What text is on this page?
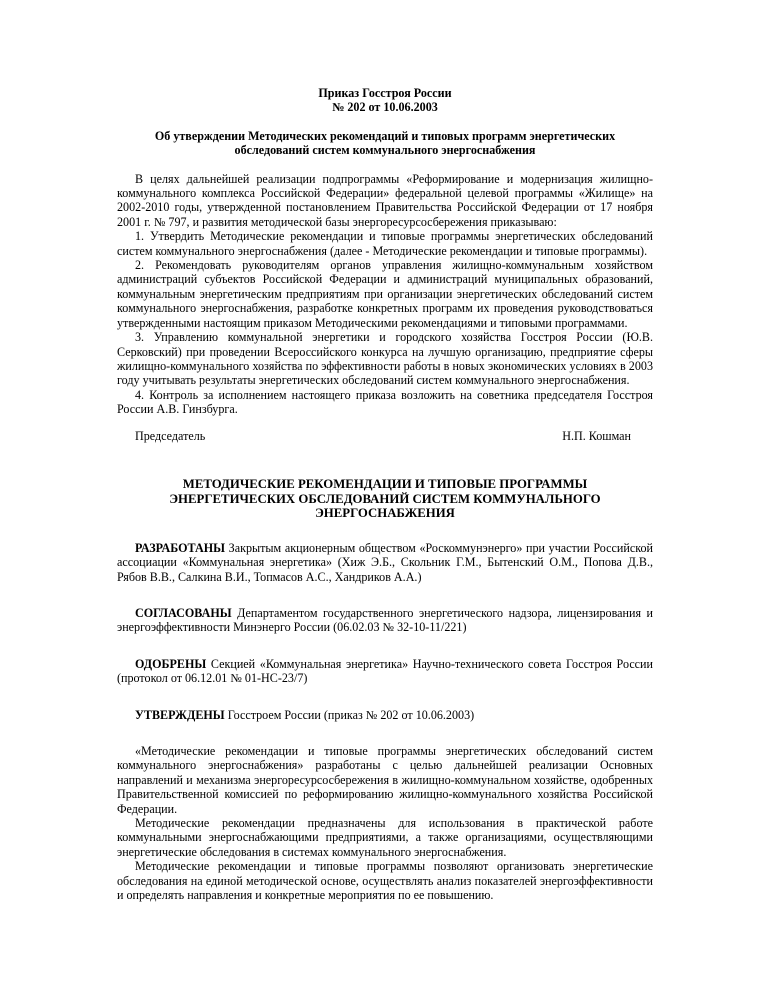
Приказ Госстроя России
№ 202 от 10.06.2003
Об утверждении Методических рекомендаций и типовых программ энергетических
обследований систем коммунального энергоснабжения

В целях дальнейшей реализации подпрограммы «Реформирование и модернизация жилищно-коммунального комплекса Российской Федерации» федеральной целевой программы «Жилище» на 2002-2010 годы, утвержденной постановлением Правительства Российской Федерации от 17 ноября 2001 г. № 797, и развития методической базы энергоресурсосбережения приказываю:

1. Утвердить Методические рекомендации и типовые программы энергетических обследований систем коммунального энергоснабжения (далее - Методические рекомендации и типовые программы).

2. Рекомендовать руководителям органов управления жилищно-коммунальным хозяйством администраций субъектов Российской Федерации и администраций муниципальных образований, коммунальным энергетическим предприятиям при организации энергетических обследований систем коммунального энергоснабжения, разработке конкретных программ их проведения руководствоваться утвержденными настоящим приказом Методическими рекомендациями и типовыми программами.

3. Управлению коммунальной энергетики и городского хозяйства Госстроя России (Ю.В. Серковский) при проведении Всероссийского конкурса на лучшую организацию, предприятие сферы жилищно-коммунального хозяйства по эффективности работы в новых экономических условиях в 2003 году учитывать результаты энергетических обследований систем коммунального энергоснабжения.

4. Контроль за исполнением настоящего приказа возложить на советника председателя Госстроя России А.В. Гинзбурга.

Председатель	Н.П. Кошман
МЕТОДИЧЕСКИЕ РЕКОМЕНДАЦИИ И ТИПОВЫЕ ПРОГРАММЫ
ЭНЕРГЕТИЧЕСКИХ ОБСЛЕДОВАНИЙ СИСТЕМ КОММУНАЛЬНОГО
ЭНЕРГОСНАБЖЕНИЯ

РАЗРАБОТАНЫ Закрытым акционерным обществом «Роскоммунэнерго» при участии Российской ассоциации «Коммунальная энергетика» (Хиж Э.Б., Скольник Г.М., Бытенский О.М., Попова Д.В., Рябов В.В., Салкина В.И., Топмасов А.С., Хандриков А.А.)

СОГЛАСОВАНЫ Департаментом государственного энергетического надзора, лицензирования и энергоэффективности Минэнерго России (06.02.03 № 32-10-11/221)

ОДОБРЕНЫ Секцией «Коммунальная энергетика» Научно-технического совета Госстроя России (протокол от 06.12.01 № 01-НС-23/7)

УТВЕРЖДЕНЫ Госстроем России (приказ № 202 от 10.06.2003)

«Методические рекомендации и типовые программы энергетических обследований систем коммунального энергоснабжения» разработаны с целью дальнейшей реализации Основных направлений и механизма энергоресурсосбережения в жилищно-коммунальном хозяйстве, одобренных Правительственной комиссией по реформированию жилищно-коммунального хозяйства Российской Федерации.

Методические рекомендации предназначены для использования в практической работе коммунальными энергоснабжающими предприятиями, а также организациями, осуществляющими энергетические обследования в системах коммунального энергоснабжения.

Методические рекомендации и типовые программы позволяют организовать энергетические обследования на единой методической основе, осуществлять анализ показателей энергоэффективности и определять направления и конкретные мероприятия по ее повышению.
